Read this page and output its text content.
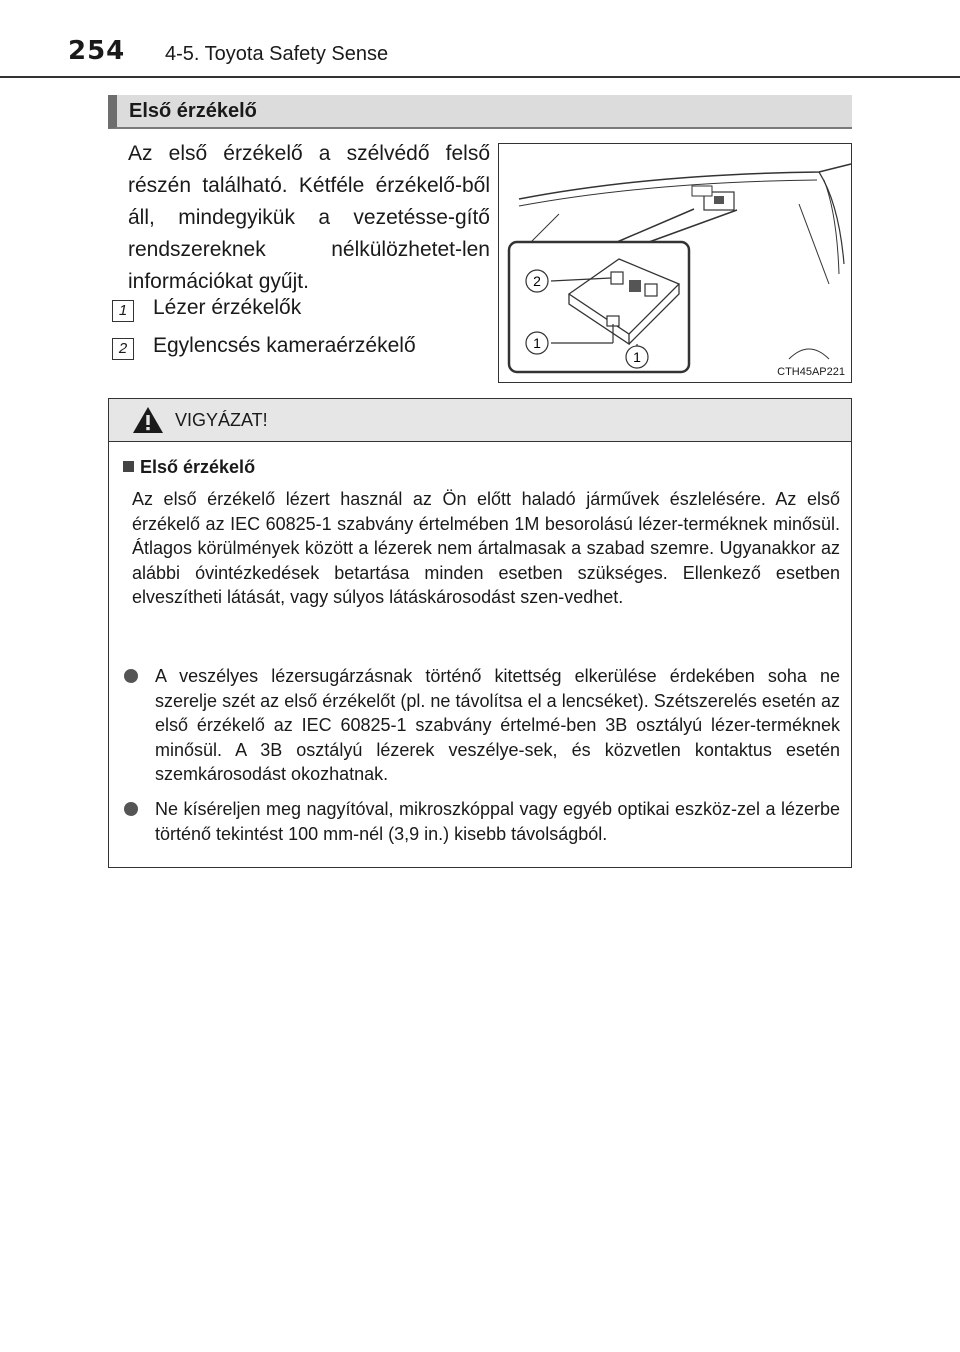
254 4-5. Toyota Safety Sense
Első érzékelő
Az első érzékelő a szélvédő felső részén található. Kétféle érzékelő-ből áll, mindegyikük a vezetésse-gítő rendszereknek nélkülözhetet-len információkat gyűjt.
1	Lézer érzékelők
2	Egylencsés kameraérzékelő
2
1
1
CTH45AP221
VIGYÁZAT!
Első érzékelő
Az első érzékelő lézert használ az Ön előtt haladó járművek észlelésére. Az első érzékelő az IEC 60825-1 szabvány értelmében 1M besorolású lézer-terméknek minősül. Átlagos körülmények között a lézerek nem ártalmasak a szabad szemre. Ugyanakkor az alábbi óvintézkedések betartása minden esetben szükséges. Ellenkező esetben elveszítheti látását, vagy súlyos látáskárosodást szen-vedhet.
A veszélyes lézersugárzásnak történő kitettség elkerülése érdekében soha ne szerelje szét az első érzékelőt (pl. ne távolítsa el a lencséket). Szétszerelés esetén az első érzékelő az IEC 60825-1 szabvány értelmé-ben 3B osztályú lézer-terméknek minősül. A 3B osztályú lézerek veszélye-sek, és közvetlen kontaktus esetén szemkárosodást okozhatnak.
Ne kíséreljen meg nagyítóval, mikroszkóppal vagy egyéb optikai eszköz-zel a lézerbe történő tekintést 100 mm-nél (3,9 in.) kisebb távolságból.
